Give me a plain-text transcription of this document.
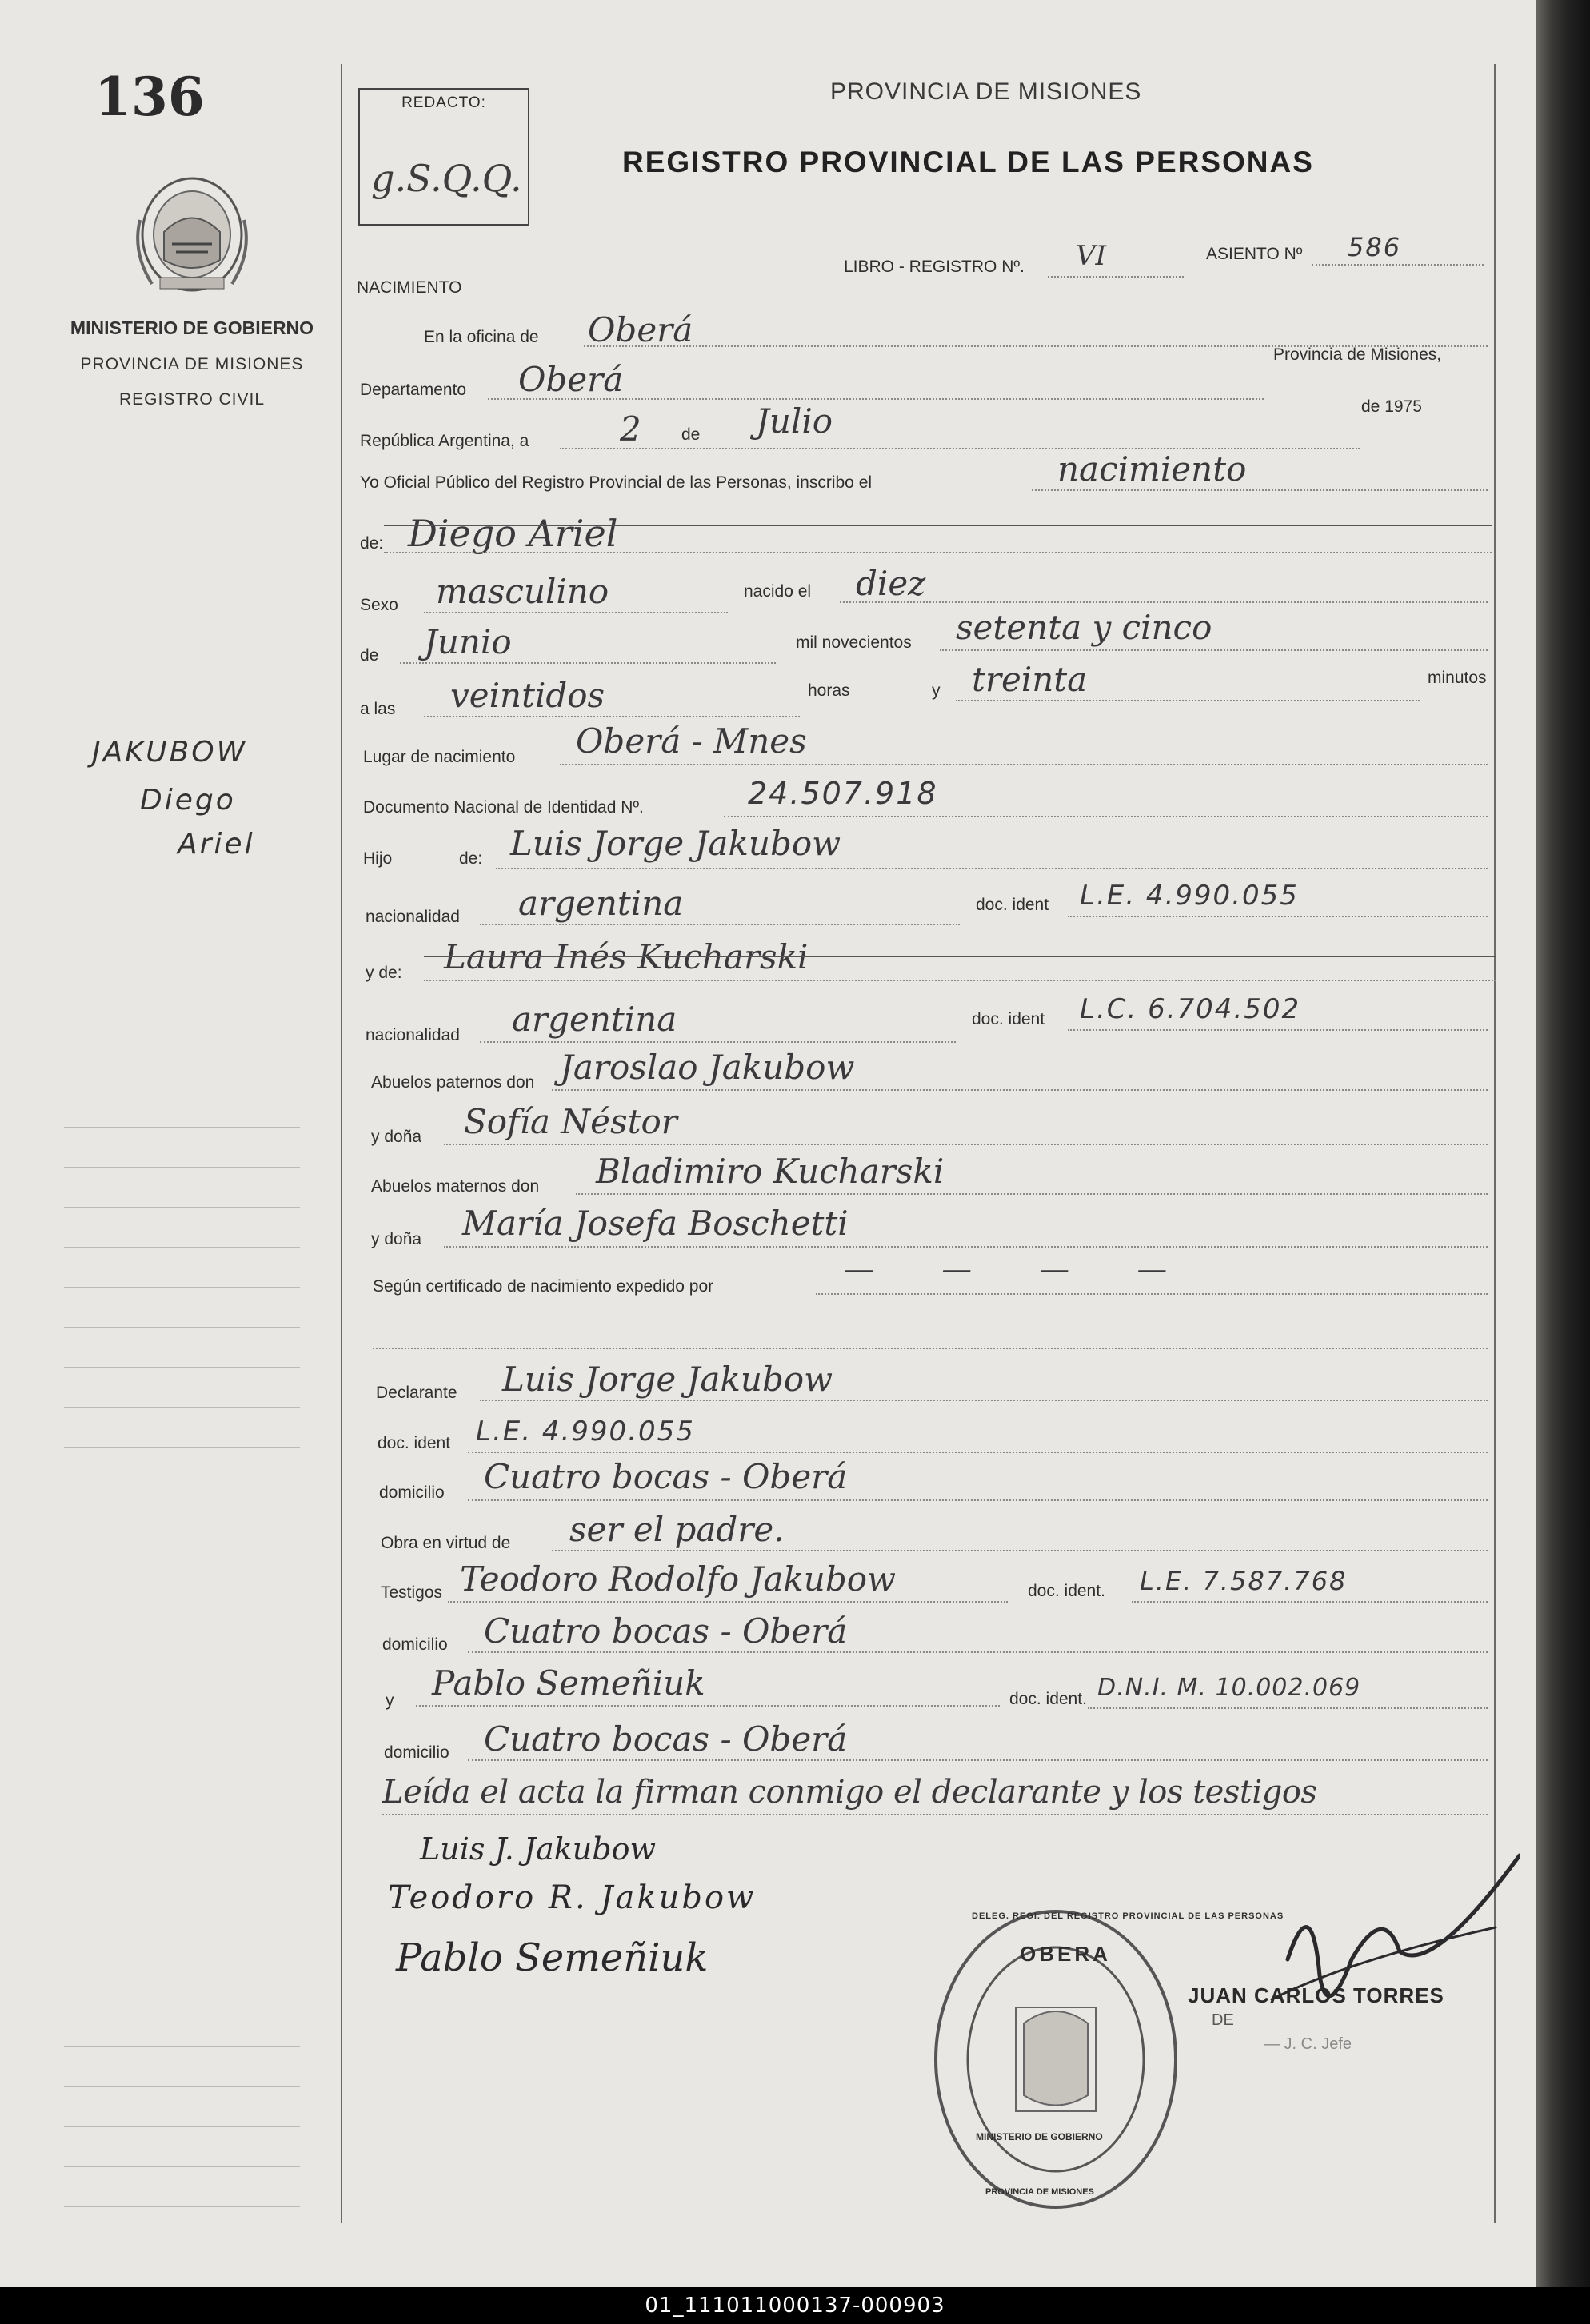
136
MINISTERIO DE GOBIERNO
PROVINCIA DE MISIONES
REGISTRO CIVIL
JAKUBOW
Diego
Ariel
REDACTO:
g.S.Q.Q.
PROVINCIA DE MISIONES
REGISTRO PROVINCIAL DE LAS PERSONAS
NACIMIENTO
LIBRO - REGISTRO Nº. VI	ASIENTO Nº 586
En la oficina de Oberá
Departamento Oberá
Provincia de Misiones,
República Argentina, a	2 de Julio	de 1975
Yo Oficial Público del Registro Provincial de las Personas, inscribo el	nacimiento
de: Diego Ariel
Sexo masculino	nacido el diez
de Junio	mil novecientos setenta y cinco
a las veintidos	horas	y treinta	minutos
Lugar de nacimiento Oberá - Mnes
Documento Nacional de Identidad Nº.	24.507.918
Hijo	de: Luis Jorge Jakubow
nacionalidad argentina	doc. ident L.E. 4.990.055
y de: Laura Inés Kucharski
nacionalidad argentina	doc. ident L.C. 6.704.502
Abuelos paternos don Jaroslao Jakubow
y doña Sofía Néstor
Abuelos maternos don Bladimiro Kucharski
y doña María Josefa Boschetti
Según certificado de nacimiento expedido por	— — — —
Declarante Luis Jorge Jakubow
doc. ident L.E. 4.990.055
domicilio Cuatro bocas - Oberá
Obra en virtud de ser el padre.
Testigos Teodoro Rodolfo Jakubow	doc. ident. L.E. 7.587.768
domicilio Cuatro bocas - Oberá
y Pablo Semeñiuk	doc. ident. D.N.I. M. 10.002.069
domicilio Cuatro bocas - Oberá
Leída el acta la firman conmigo el declarante y los testigos
Luis J. Jakubow
Teodoro R. Jakubow
Pablo Semeñiuk	OBERA
DELEG. REGI. DEL REGISTRO PROVINCIAL DE LAS PERSONAS
MINISTERIO DE GOBIERNO
PROVINCIA DE MISIONES
JUAN CARLOS TORRES
DE
— J. C. Jefe
01_111011000137-000903
